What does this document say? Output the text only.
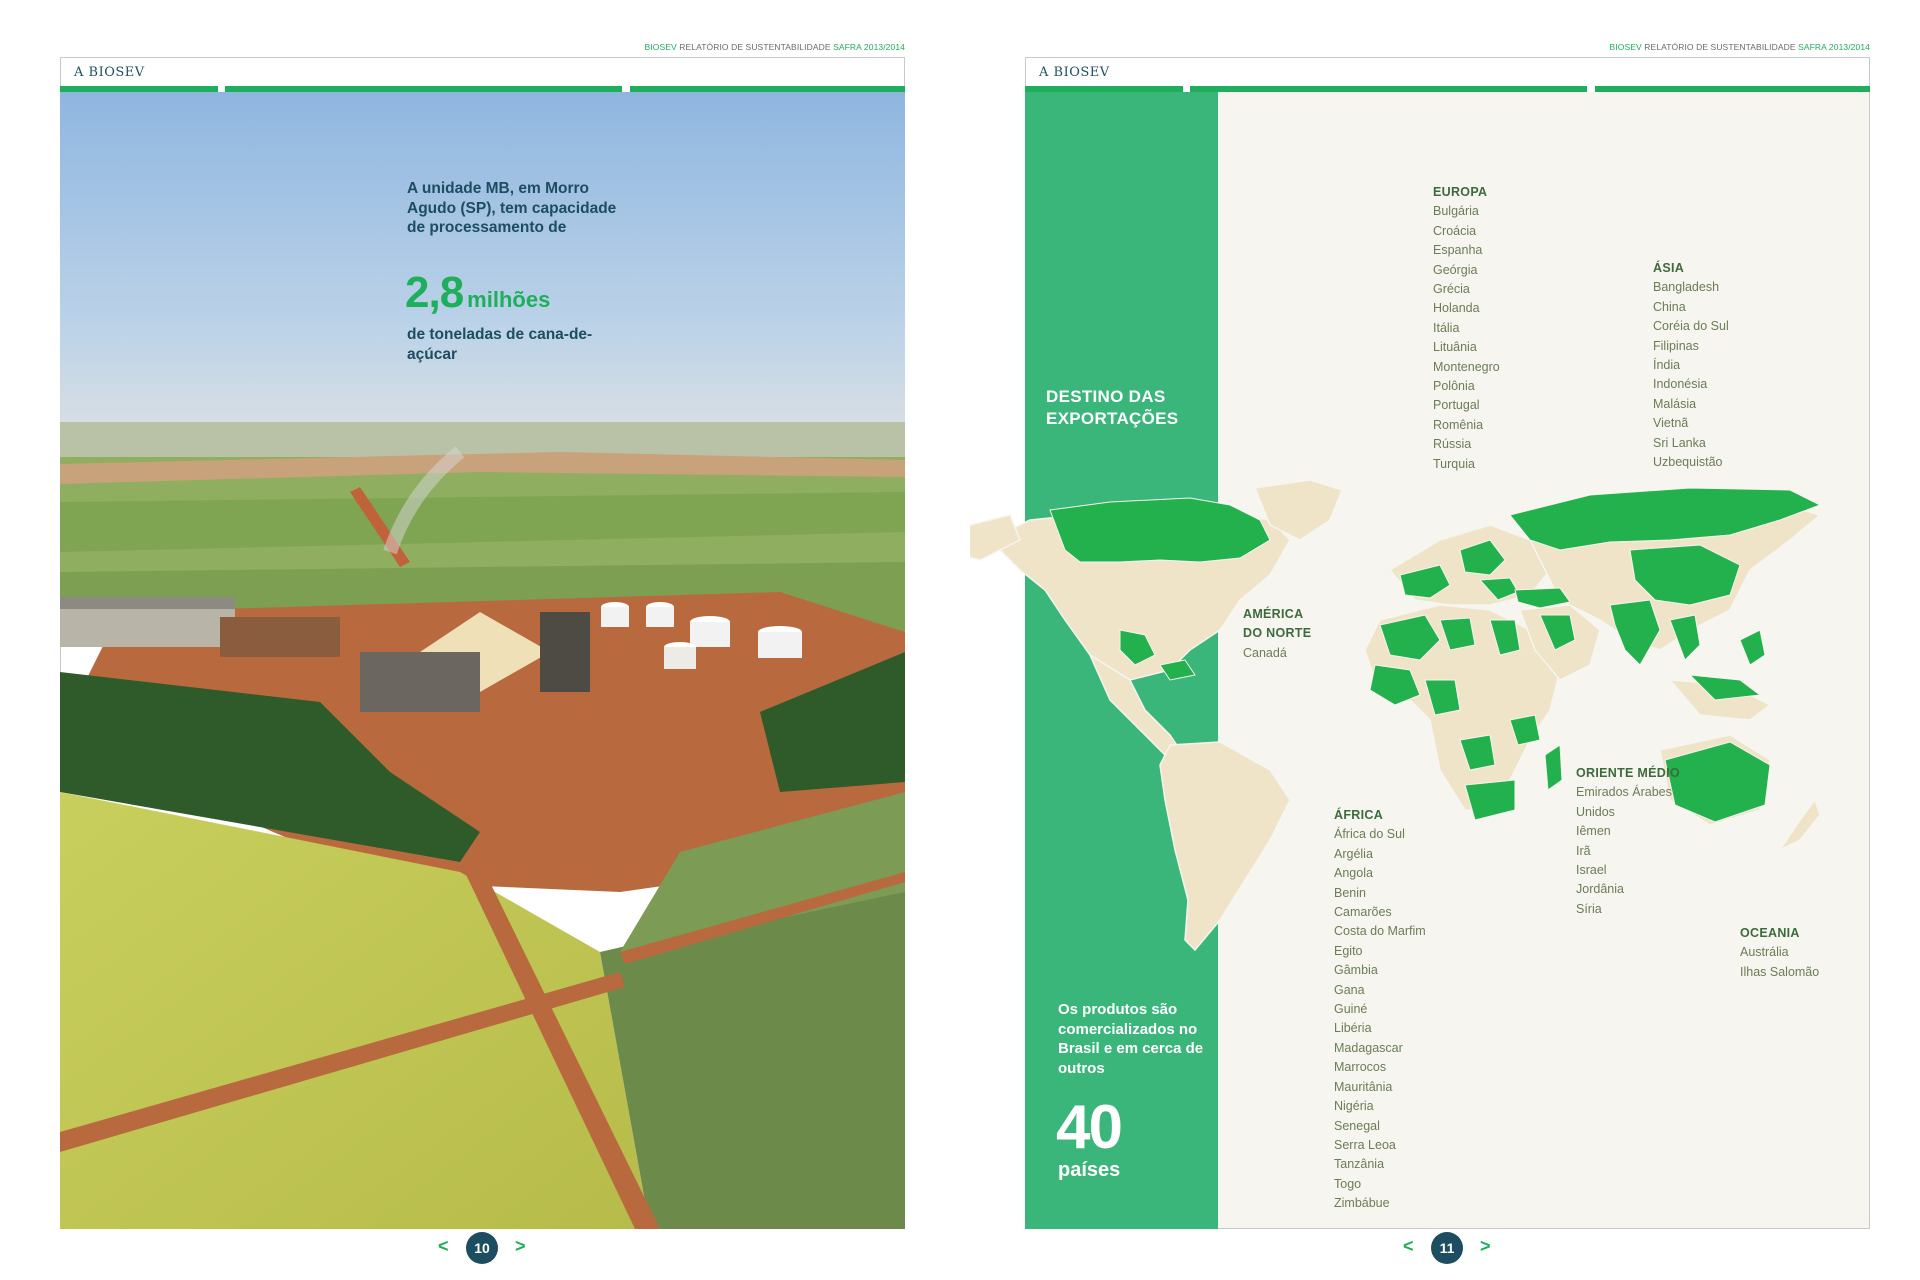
BIOSEV RELATÓRIO DE SUSTENTABILIDADE SAFRA 2013/2014
A BIOSEV
A unidade MB, em Morro Agudo (SP), tem capacidade de processamento de
2,8 milhões
de toneladas de cana-de-açúcar
<	10	>
BIOSEV RELATÓRIO DE SUSTENTABILIDADE SAFRA 2013/2014
A BIOSEV
DESTINO DAS EXPORTAÇÕES
Os produtos são comercializados no Brasil e em cerca de outros
40
países
EUROPA
Bulgária
Croácia
Espanha
Geórgia
Grécia
Holanda
Itália
Lituânia
Montenegro
Polônia
Portugal
Romênia
Rússia
Turquia
ÁSIA
Bangladesh
China
Coréia do Sul
Filipinas
Índia
Indonésia
Malásia
Vietnã
Sri Lanka
Uzbequistão
AMÉRICA
DO NORTE
Canadá
ORIENTE MÉDIO
Emirados Árabes
Unidos
Iêmen
Irã
Israel
Jordânia
Síria
ÁFRICA
África do Sul
Argélia
Angola
Benin
Camarões
Costa do Marfim
Egito
Gâmbia
Gana
Guiné
Libéria
Madagascar
Marrocos
Mauritânia
Nigéria
Senegal
Serra Leoa
Tanzânia
Togo
Zimbábue
OCEANIA
Austrália
Ilhas Salomão
<	11	>
